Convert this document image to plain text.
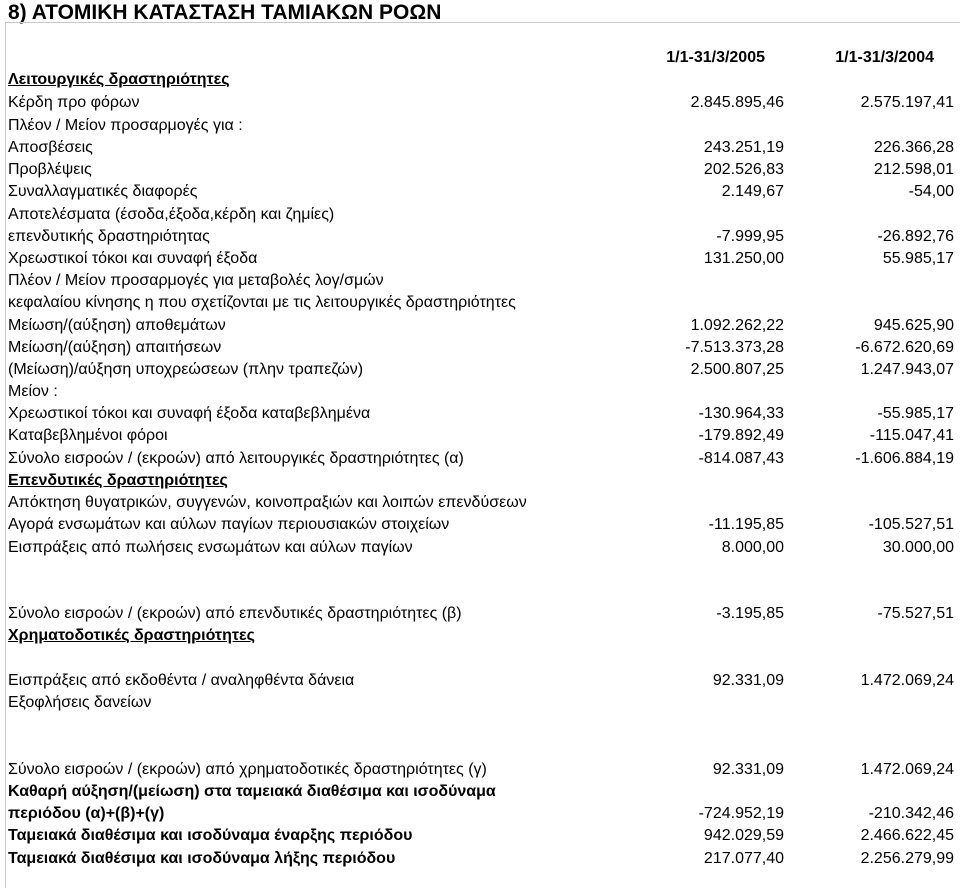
8) ΑΤΟΜΙΚΗ ΚΑΤΑΣΤΑΣΗ ΤΑΜΙΑΚΩΝ ΡΟΩΝ
1/1-31/3/2005	1/1-31/3/2004
Λειτουργικές δραστηριότητες
Κέρδη προ φόρων	2.845.895,46	2.575.197,41
Πλέον / Μείον προσαρμογές για :
Αποσβέσεις	243.251,19	226.366,28
Προβλέψεις	202.526,83	212.598,01
Συναλλαγματικές διαφορές	2.149,67	-54,00
Αποτελέσματα (έσοδα,έξοδα,κέρδη και ζημίες)
επενδυτικής δραστηριότητας	-7.999,95	-26.892,76
Χρεωστικοί τόκοι και συναφή έξοδα	131.250,00	55.985,17
Πλέον / Μείον προσαρμογές για μεταβολές λογ/σμών
κεφαλαίου κίνησης η που σχετίζονται με τις λειτουργικές δραστηριότητες
Μείωση/(αύξηση) αποθεμάτων	1.092.262,22	945.625,90
Μείωση/(αύξηση) απαιτήσεων	-7.513.373,28	-6.672.620,69
(Μείωση)/αύξηση υποχρεώσεων (πλην τραπεζών)	2.500.807,25	1.247.943,07
Μείον :
Χρεωστικοί τόκοι και συναφή έξοδα καταβεβλημένα	-130.964,33	-55.985,17
Καταβεβλημένοι φόροι	-179.892,49	-115.047,41
Σύνολο εισροών / (εκροών) από λειτουργικές δραστηριότητες (α)	-814.087,43	-1.606.884,19
Επενδυτικές δραστηριότητες
Απόκτηση θυγατρικών, συγγενών, κοινοπραξιών και λοιπών επενδύσεων
Αγορά ενσωμάτων και αύλων παγίων περιουσιακών στοιχείων	-11.195,85	-105.527,51
Εισπράξεις από πωλήσεις ενσωμάτων και αύλων παγίων	8.000,00	30.000,00
Σύνολο εισροών / (εκροών) από επενδυτικές δραστηριότητες (β)	-3.195,85	-75.527,51
Χρηματοδοτικές δραστηριότητες
Εισπράξεις από εκδοθέντα / αναληφθέντα δάνεια	92.331,09	1.472.069,24
Εξοφλήσεις δανείων
Σύνολο εισροών / (εκροών) από χρηματοδοτικές δραστηριότητες (γ)	92.331,09	1.472.069,24
Καθαρή αύξηση/(μείωση) στα ταμειακά διαθέσιμα και ισοδύναμα
περιόδου (α)+(β)+(γ)	-724.952,19	-210.342,46
Ταμειακά διαθέσιμα και ισοδύναμα έναρξης περιόδου	942.029,59	2.466.622,45
Ταμειακά διαθέσιμα και ισοδύναμα λήξης περιόδου	217.077,40	2.256.279,99
